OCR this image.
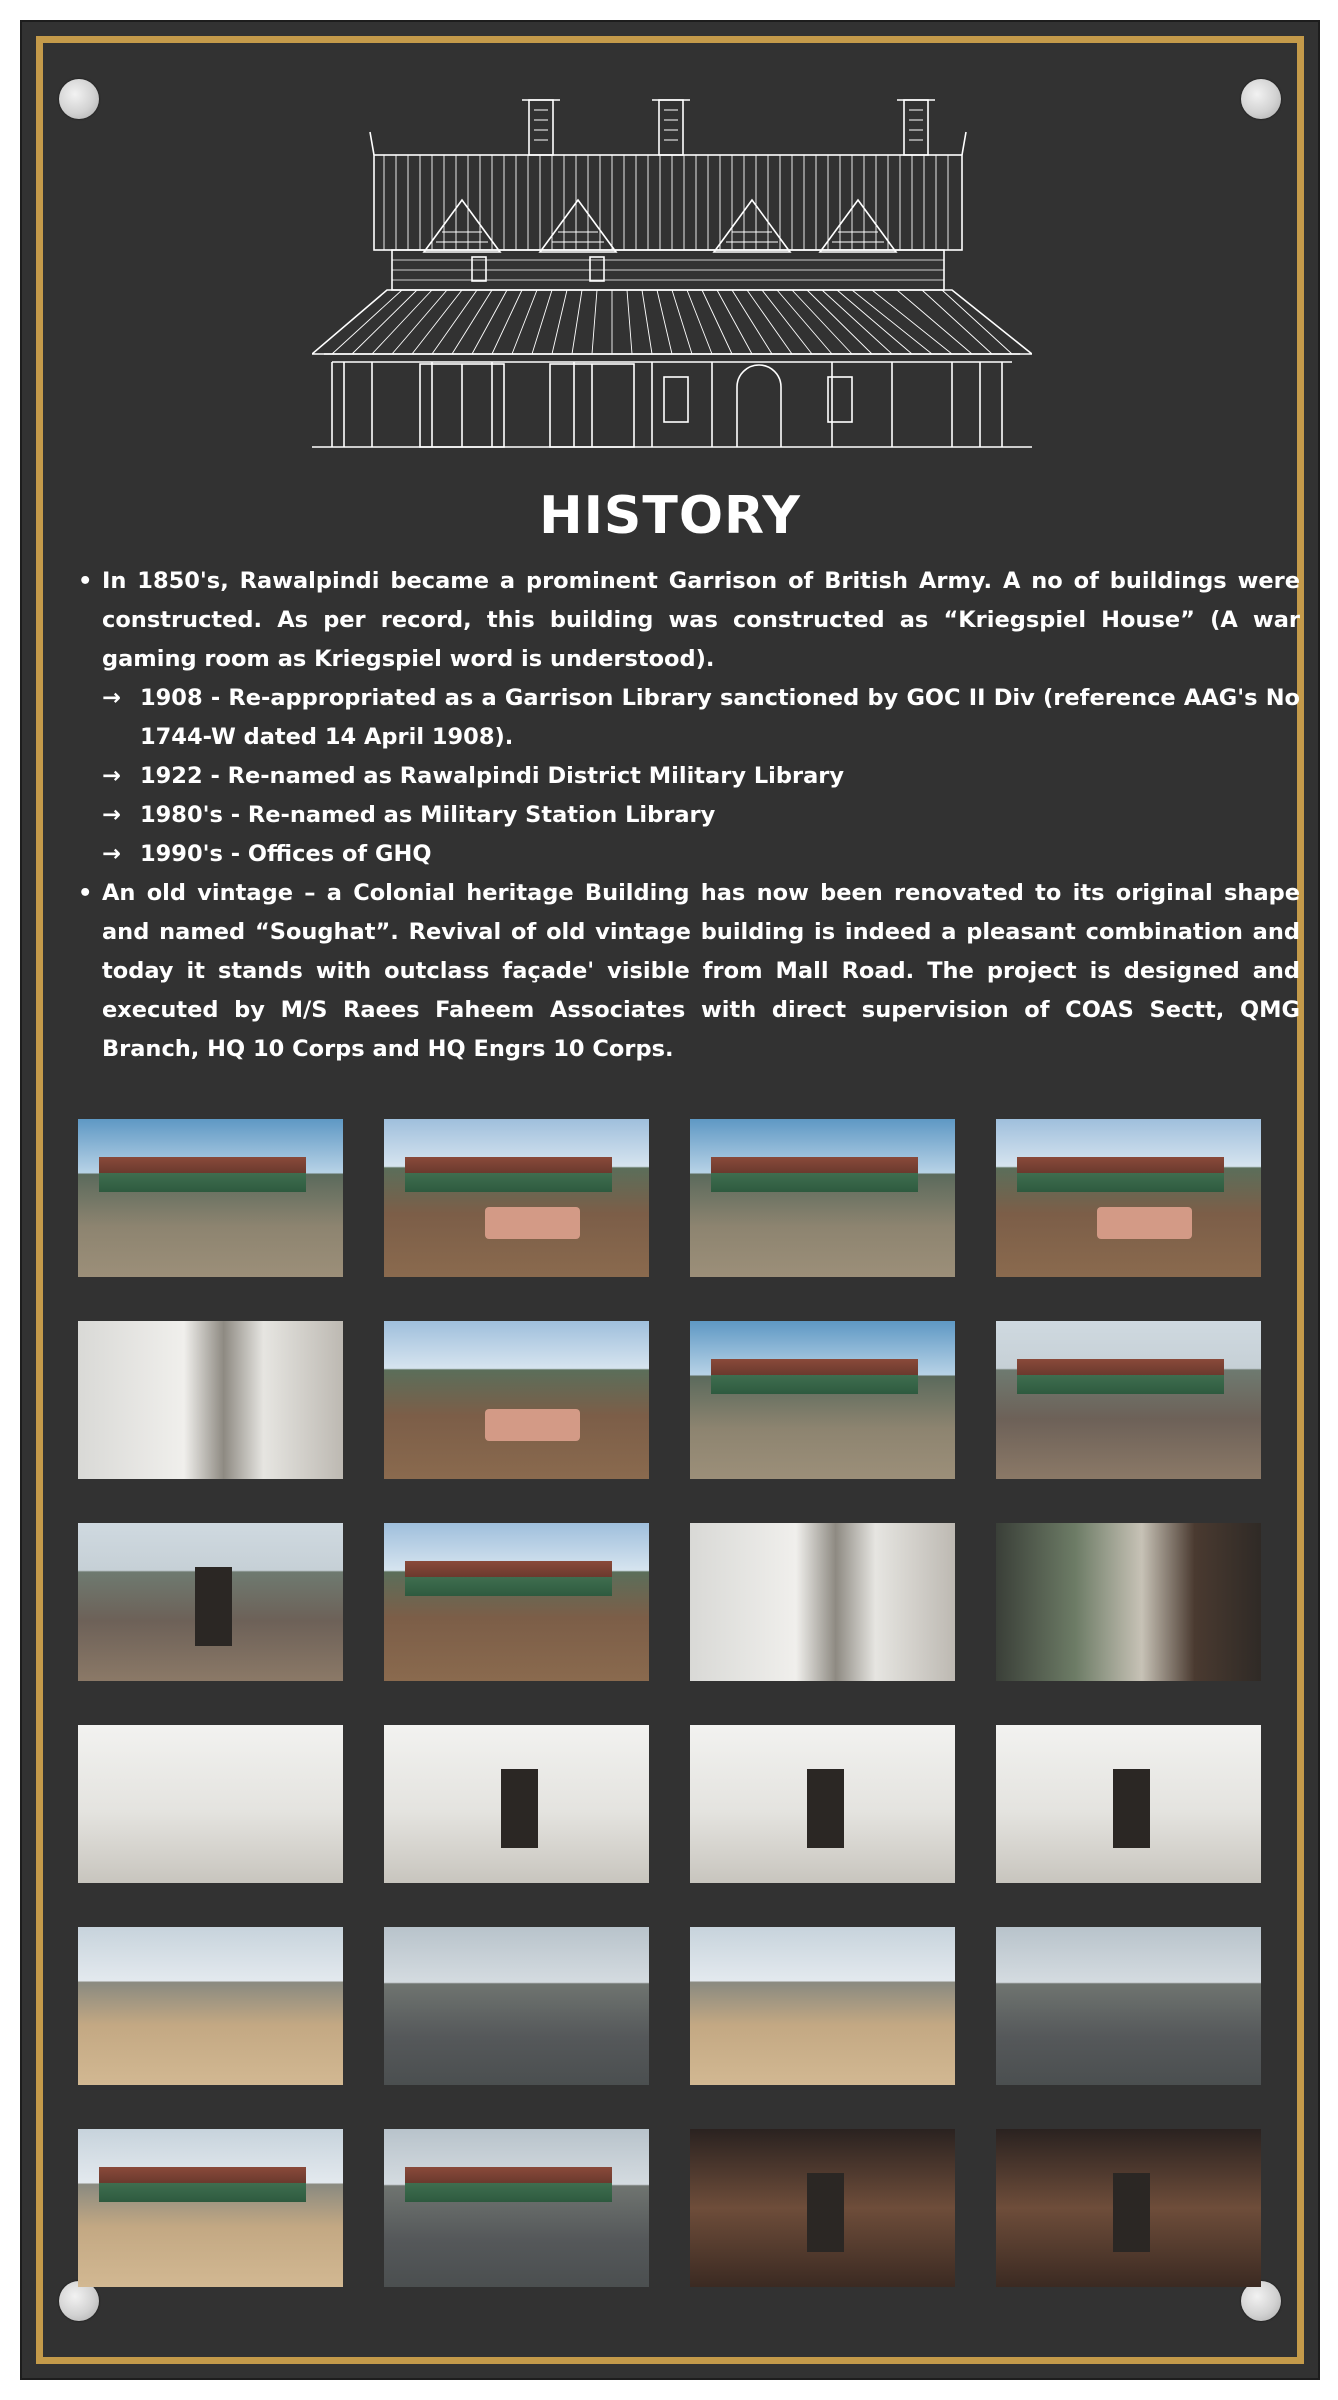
HISTORY
• In 1850's, Rawalpindi became a prominent Garrison of British Army. A no of buildings were constructed. As per record, this building was constructed as “Kriegspiel House” (A war gaming room as Kriegspiel word is understood).
→ 1908 - Re-appropriated as a Garrison Library sanctioned by GOC II Div (reference AAG's No 1744-W dated 14 April 1908).
→ 1922 - Re-named as Rawalpindi District Military Library
→ 1980's - Re-named as Military Station Library
→ 1990's - Offices of GHQ
• An old vintage – a Colonial heritage Building has now been renovated to its original shape and named “Soughat”. Revival of old vintage building is indeed a pleasant combination and today it stands with outclass façade' visible from Mall Road. The project is designed and executed by M/S Raees Faheem Associates with direct supervision of COAS Sectt, QMG Branch, HQ 10 Corps and HQ Engrs 10 Corps.
